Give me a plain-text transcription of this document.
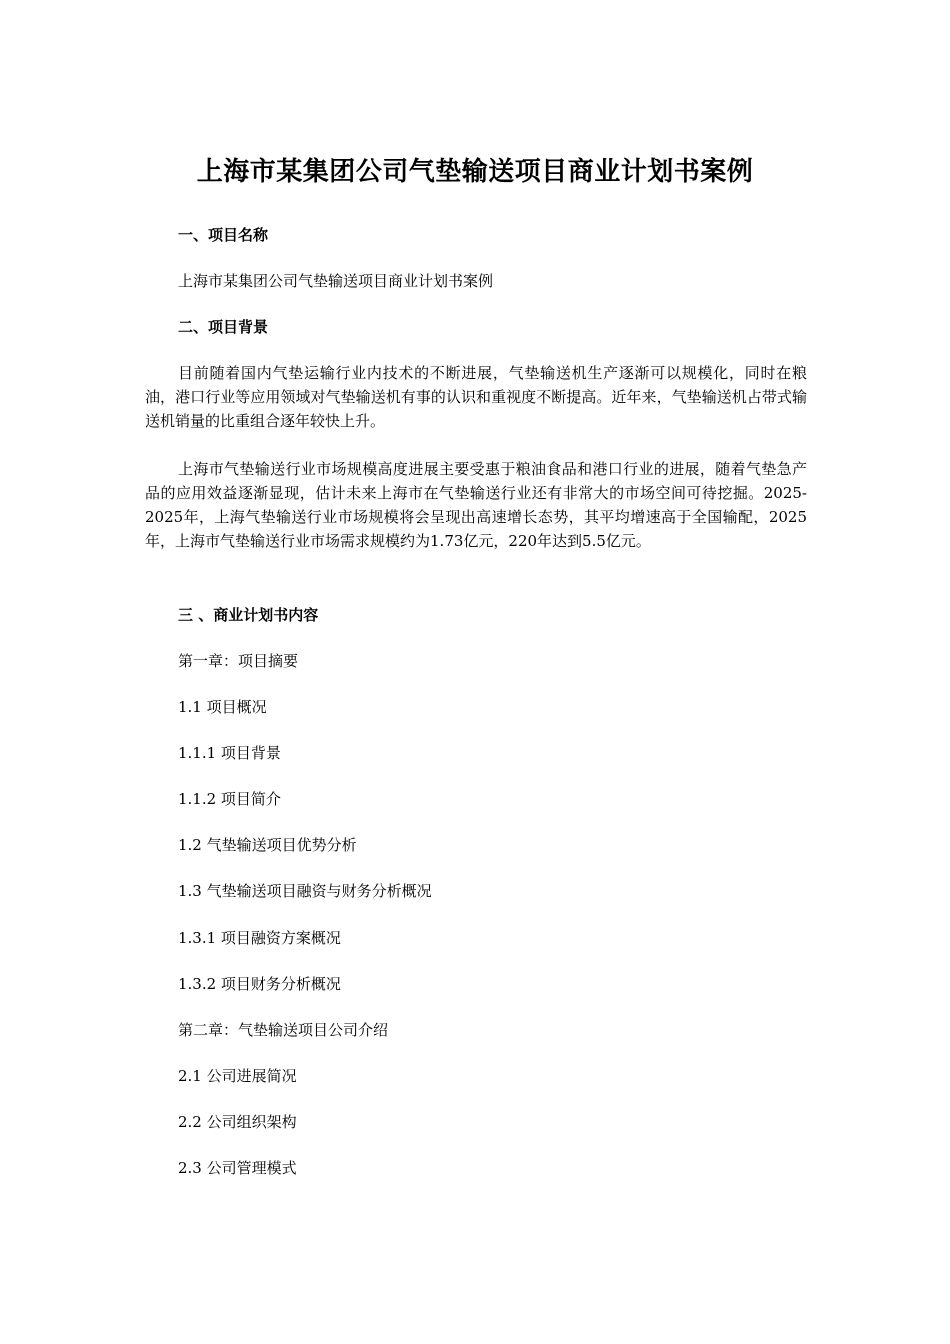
上海市某集团公司气垫输送项目商业计划书案例
一、项目名称
上海市某集团公司气垫输送项目商业计划书案例
二、项目背景
目前随着国内气垫运输行业内技术的不断进展，气垫输送机生产逐渐可以规模化，同时在粮油，港口行业等应用领域对气垫输送机有事的认识和重视度不断提高。近年来，气垫输送机占带式输送机销量的比重组合逐年较快上升。
上海市气垫输送行业市场规模高度进展主要受惠于粮油食品和港口行业的进展，随着气垫急产品的应用效益逐渐显现，估计未来上海市在气垫输送行业还有非常大的市场空间可待挖掘。2025-2025年，上海气垫输送行业市场规模将会呈现出高速增长态势，其平均增速高于全国输配，2025年，上海市气垫输送行业市场需求规模约为1.73亿元，220年达到5.5亿元。
三 、商业计划书内容
第一章：项目摘要
1.1 项目概况
1.1.1 项目背景
1.1.2 项目简介
1.2 气垫输送项目优势分析
1.3 气垫输送项目融资与财务分析概况
1.3.1 项目融资方案概况
1.3.2 项目财务分析概况
第二章：气垫输送项目公司介绍
2.1 公司进展简况
2.2 公司组织架构
2.3 公司管理模式
